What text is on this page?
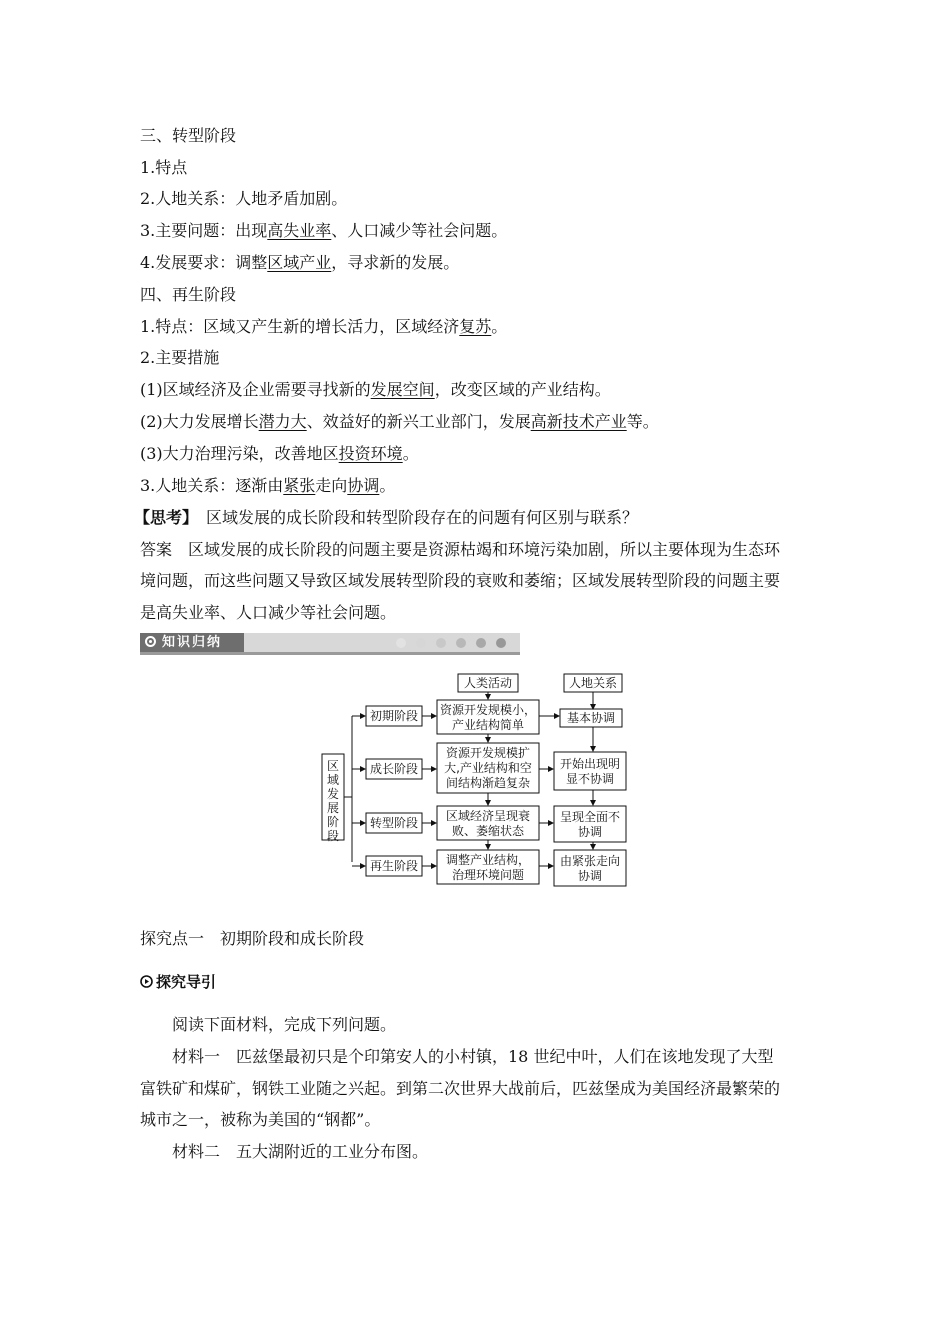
三、转型阶段
1.特点
2.人地关系：人地矛盾加剧。
3.主要问题：出现高失业率、人口减少等社会问题。
4.发展要求：调整区域产业，寻求新的发展。
四、再生阶段
1.特点：区域又产生新的增长活力，区域经济复苏。
2.主要措施
(1)区域经济及企业需要寻找新的发展空间，改变区域的产业结构。
(2)大力发展增长潜力大、效益好的新兴工业部门，发展高新技术产业等。
(3)大力治理污染，改善地区投资环境。
3.人地关系：逐渐由紧张走向协调。
【思考】 区域发展的成长阶段和转型阶段存在的问题有何区别与联系？
答案 区域发展的成长阶段的问题主要是资源枯竭和环境污染加剧，所以主要体现为生态环
境问题，而这些问题又导致区域发展转型阶段的衰败和萎缩；区域发展转型阶段的问题主要
是高失业率、人口减少等社会问题。
知识归纳
区
域
发
展
阶
段
人类活动	人地关系
初期阶段
成长阶段
转型阶段
再生阶段
资源开发规模小，
产业结构简单
资源开发规模扩
大,产业结构和空
间结构渐趋复杂
区域经济呈现衰
败、萎缩状态
调整产业结构，
治理环境问题
基本协调
开始出现明
显不协调
呈现全面不
协调
由紧张走向
协调
探究点一　初期阶段和成长阶段
探究导引
阅读下面材料，完成下列问题。
材料一　匹兹堡最初只是个印第安人的小村镇，18 世纪中叶，人们在该地发现了大型
富铁矿和煤矿，钢铁工业随之兴起。到第二次世界大战前后，匹兹堡成为美国经济最繁荣的
城市之一，被称为美国的“钢都”。
材料二　五大湖附近的工业分布图。
